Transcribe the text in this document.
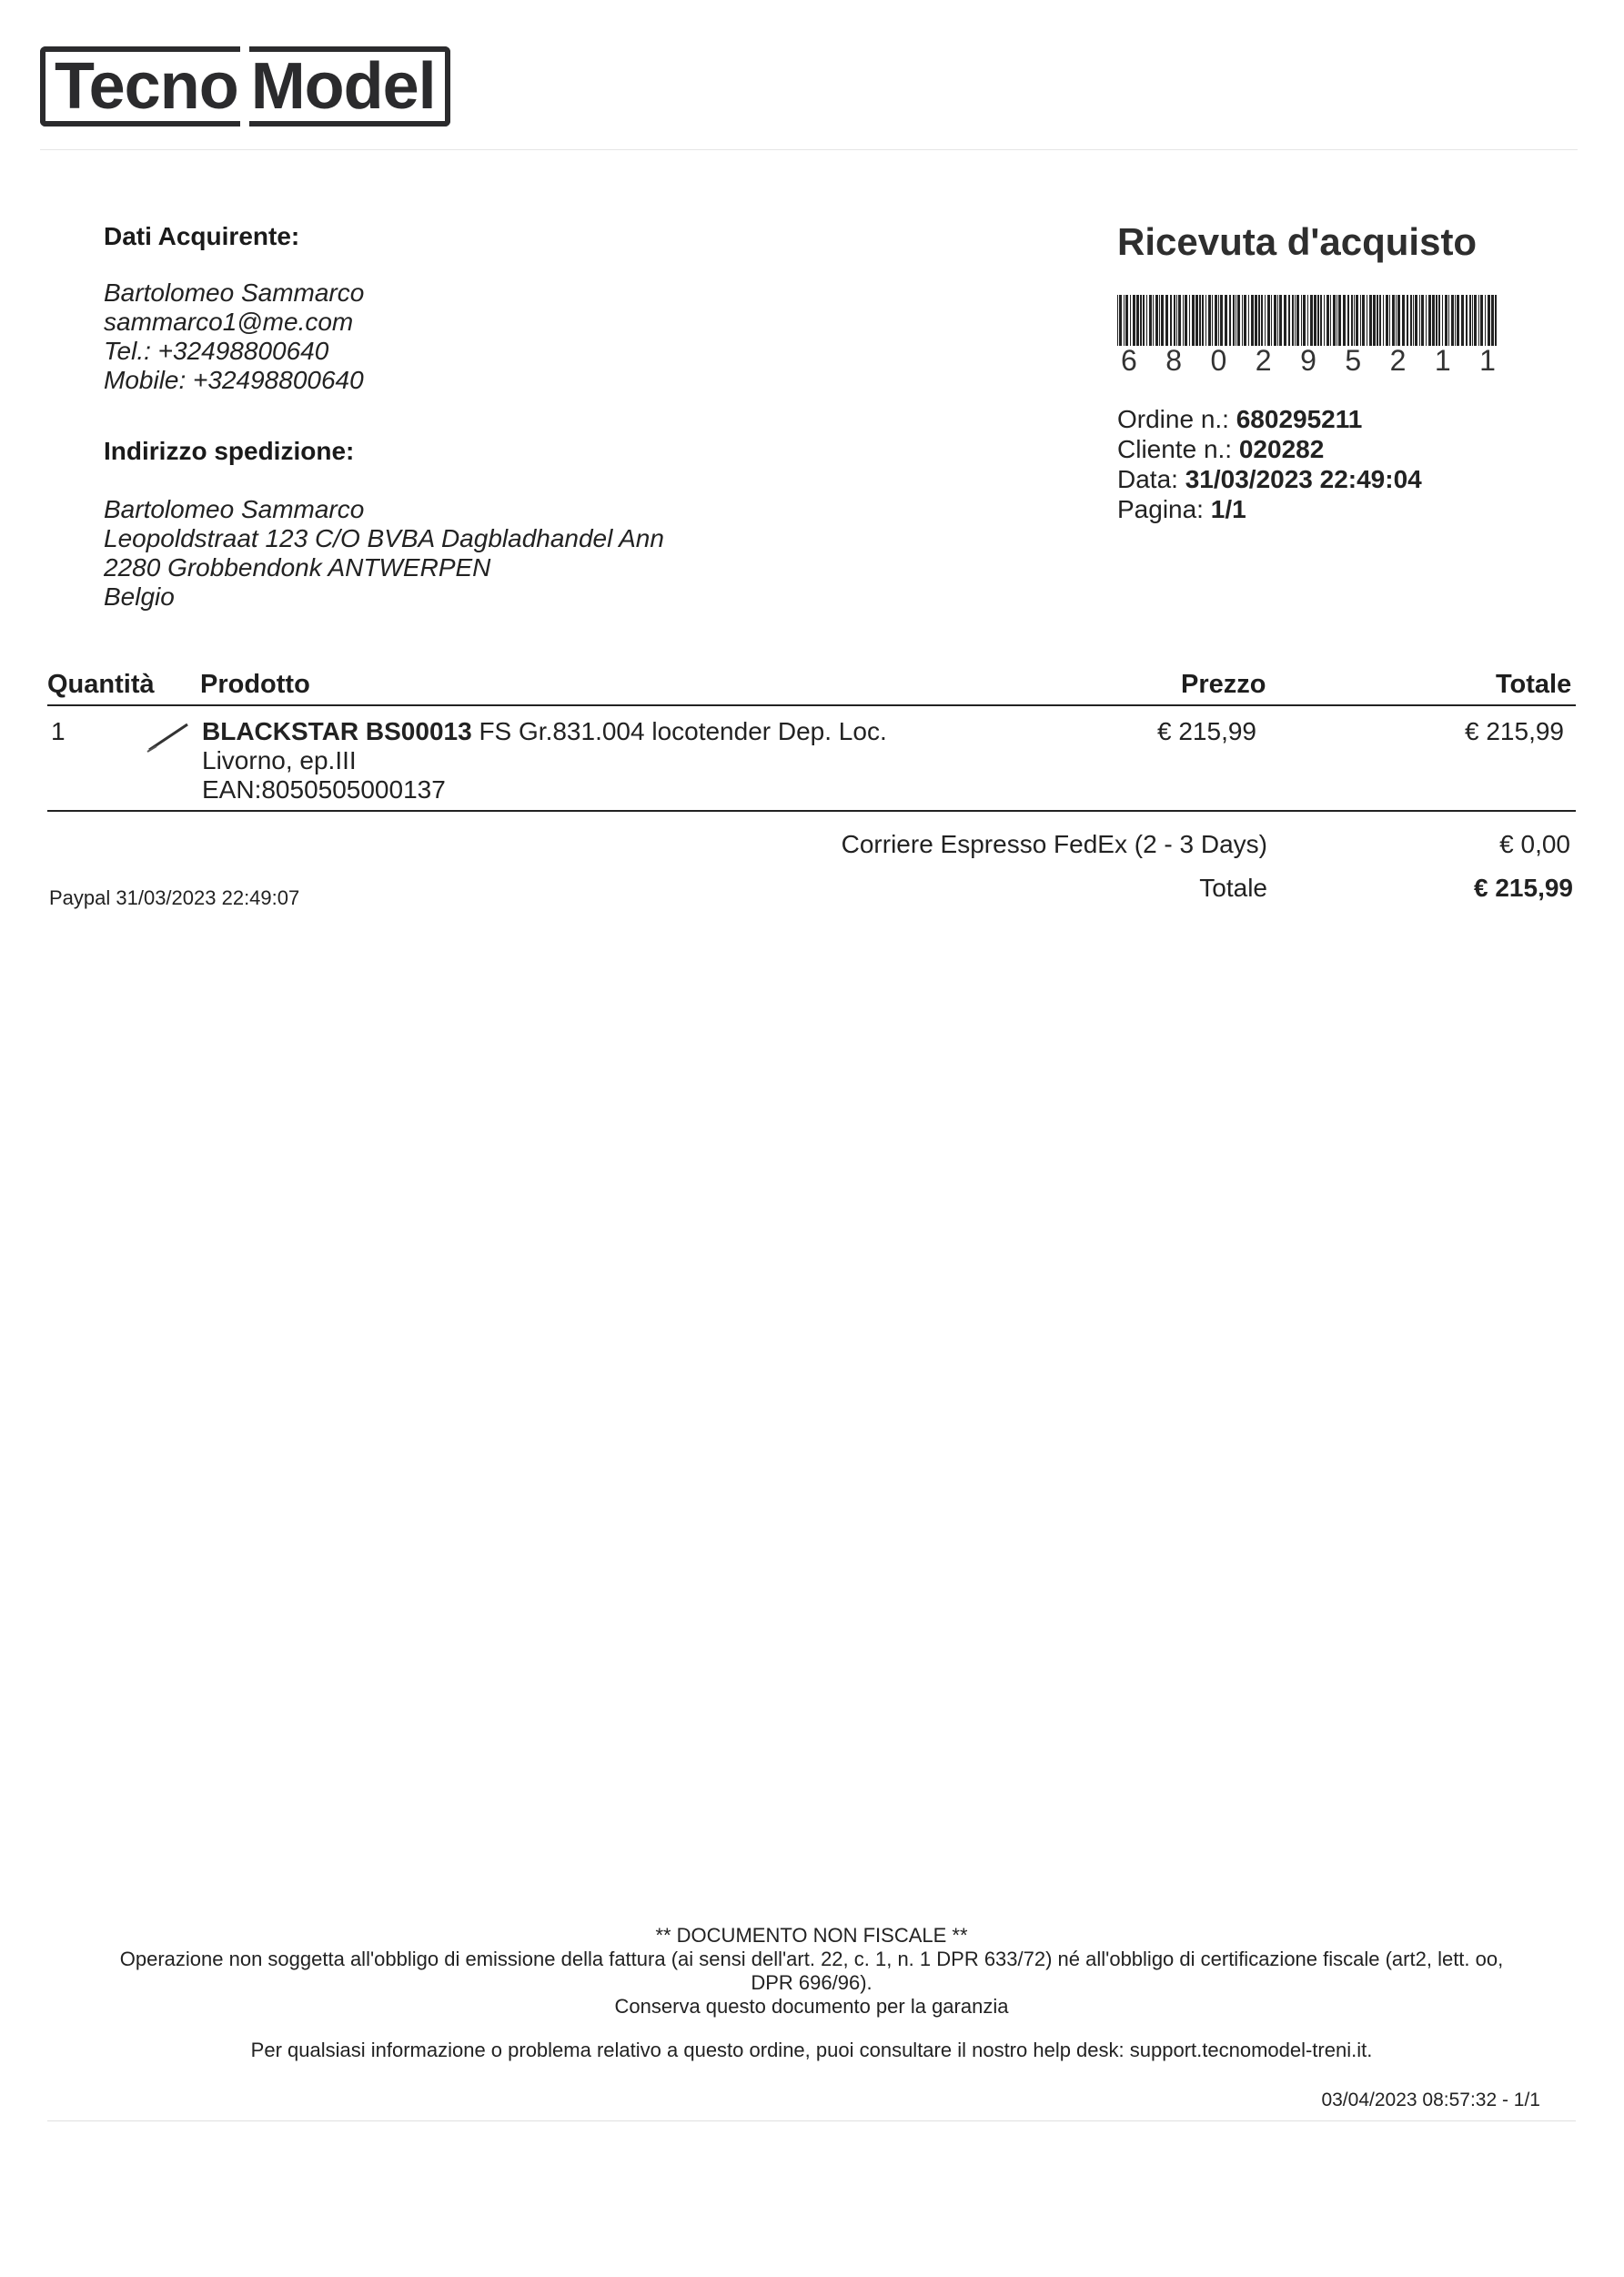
Tecno Model
Dati Acquirente:
Bartolomeo Sammarco
sammarco1@me.com
Tel.: +32498800640
Mobile: +32498800640
Indirizzo spedizione:
Bartolomeo Sammarco
Leopoldstraat 123 C/O BVBA Dagbladhandel Ann
2280 Grobbendonk ANTWERPEN
Belgio
Ricevuta d'acquisto
6 8 0 2 9 5 2 1 1
Ordine n.: 680295211
Cliente n.: 020282
Data: 31/03/2023 22:49:04
Pagina: 1/1
Quantità Prodotto	Prezzo	Totale
1	BLACKSTAR BS00013 FS Gr.831.004 locotender Dep. Loc.
Livorno, ep.III
EAN:8050505000137
€ 215,99	€ 215,99
Corriere Espresso FedEx (2 - 3 Days)	€ 0,00
Totale	€ 215,99
Paypal 31/03/2023 22:49:07
** DOCUMENTO NON FISCALE **
Operazione non soggetta all'obbligo di emissione della fattura (ai sensi dell'art. 22, c. 1, n. 1 DPR 633/72) né all'obbligo di certificazione fiscale (art2, lett. oo,
DPR 696/96).
Conserva questo documento per la garanzia
Per qualsiasi informazione o problema relativo a questo ordine, puoi consultare il nostro help desk: support.tecnomodel-treni.it.
03/04/2023 08:57:32 - 1/1
